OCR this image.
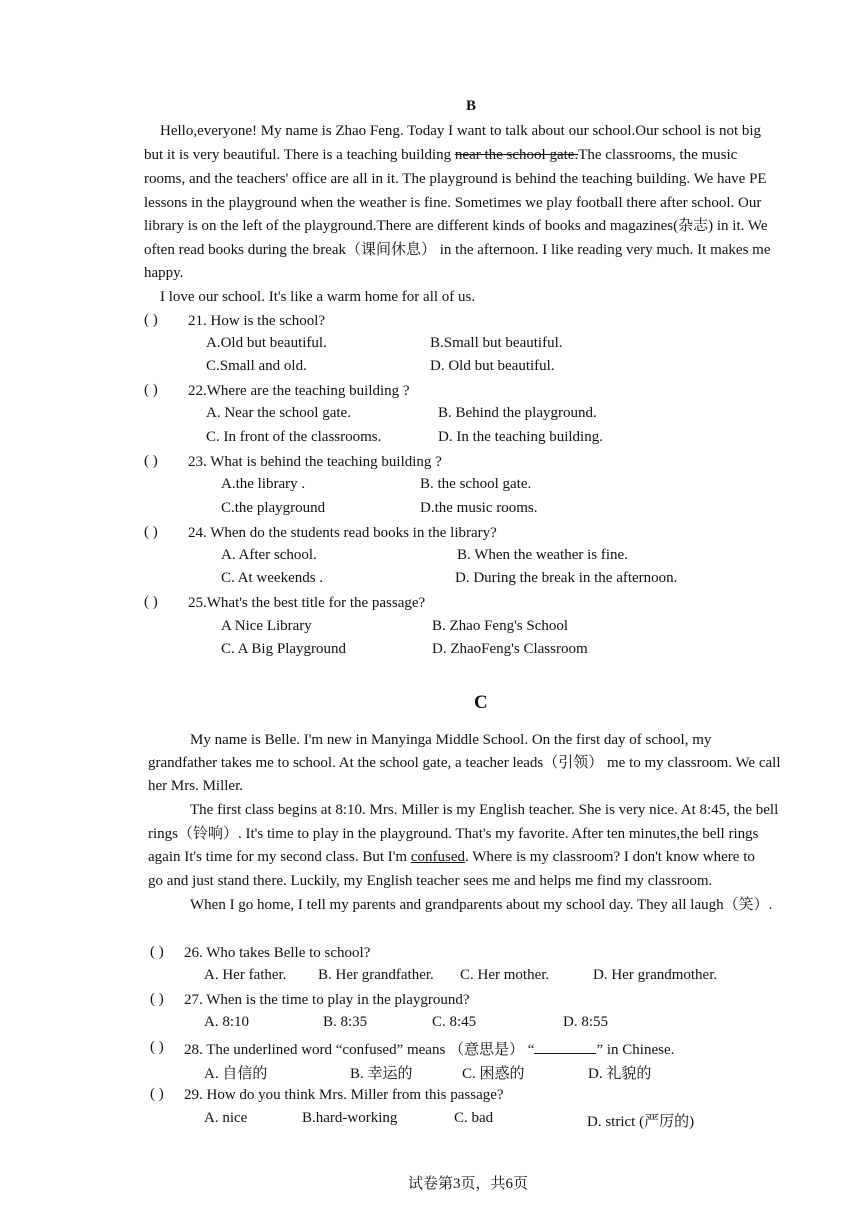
B
Hello,everyone! My name is Zhao Feng. Today I want to talk about our school.Our school is not big
but it is very beautiful. There is a teaching building near the school gate.The classrooms, the music
rooms, and the teachers' office are all in it. The playground is behind the teaching building. We have PE
lessons in the playground when the weather is fine. Sometimes we play football there after school. Our
library is on the left of the playground.There are different kinds of books and magazines(杂志) in it. We
often read books during the break（课间休息） in the afternoon. I like reading very much. It makes me
happy.
I love our school. It's like a warm home for all of us.
( ) 21. How is the school?
A.Old but beautiful.	B.Small but beautiful.
C.Small and old.	D. Old but beautiful.
( ) 22.Where are the teaching building ?
A. Near the school gate.	B. Behind the playground.
C. In front of the classrooms.	D. In the teaching building.
( ) 23. What is behind the teaching building ?
A.the library .	B. the school gate.
C.the playground	D.the music rooms.
( ) 24. When do the students read books in the library?
A. After school.	B. When the weather is fine.
C. At weekends .	D. During the break in the afternoon.
( ) 25.What's the best title for the passage?
A Nice Library	B. Zhao Feng's School
C. A Big Playground	D. ZhaoFeng's Classroom
C
My name is Belle. I'm new in Manyinga Middle School. On the first day of school, my
grandfather takes me to school. At the school gate, a teacher leads（引领） me to my classroom. We call
her Mrs. Miller.
The first class begins at 8:10. Mrs. Miller is my English teacher. She is very nice. At 8:45, the bell
rings（铃响）. It's time to play in the playground. That's my favorite. After ten minutes,the bell rings
again It's time for my second class. But I'm confused. Where is my classroom? I don't know where to
go and just stand there. Luckily, my English teacher sees me and helps me find my classroom.
When I go home, I tell my parents and grandparents about my school day. They all laugh（笑）.
( ) 26. Who takes Belle to school?
A. Her father. B. Her grandfather. C. Her mother.	D. Her grandmother.
( ) 27. When is the time to play in the playground?
A. 8:10	B. 8:35	C. 8:45	D. 8:55
( ) 28. The underlined word “confused” means （意思是） “	” in Chinese.
A. 自信的	B. 幸运的	C. 困惑的	D. 礼貌的
( ) 29. How do you think Mrs. Miller from this passage?
A. nice	B.hard-working	C. bad	D. strict (严厉的)
试卷第3页，共6页
